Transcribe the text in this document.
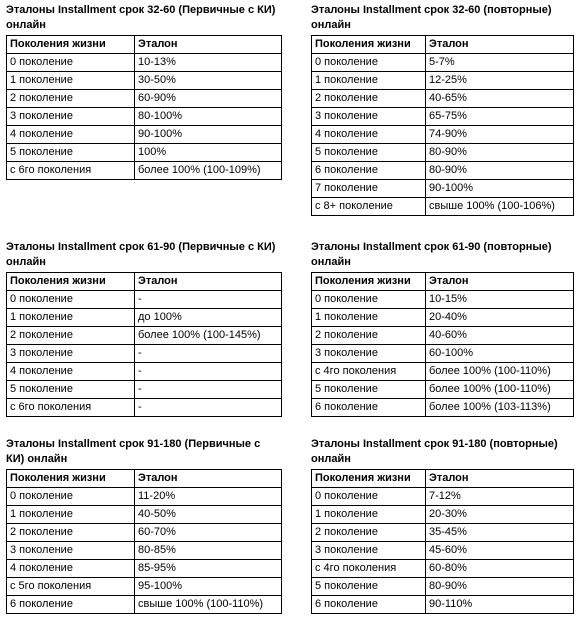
Эталоны Installment срок 32-60 (Первичные с КИ) онлайн
Поколения жизни	Эталон
0 поколение	10-13%
1 поколение	30-50%
2 поколение	60-90%
3 поколение	80-100%
4 поколение	90-100%
5 поколение	100%
с 6го поколения	более 100% (100-109%)
Эталоны Installment срок 32-60 (повторные) онлайн
Поколения жизни	Эталон
0 поколение	5-7%
1 поколение	12-25%
2 поколение	40-65%
3 поколение	65-75%
4 поколение	74-90%
5 поколение	80-90%
6 поколение	80-90%
7 поколение	90-100%
с 8+ поколение	свыше 100% (100-106%)
Эталоны Installment срок 61-90 (Первичные с КИ) онлайн
Поколения жизни	Эталон
0 поколение	-
1 поколение	до 100%
2 поколение	более 100% (100-145%)
3 поколение	-
4 поколение	-
5 поколение	-
с 6го поколения	-
Эталоны Installment срок 61-90 (повторные) онлайн
Поколения жизни	Эталон
0 поколение	10-15%
1 поколение	20-40%
2 поколение	40-60%
3 поколение	60-100%
с 4го поколения	более 100% (100-110%)
5 поколение	более 100% (100-110%)
6 поколение	более 100% (103-113%)
Эталоны Installment срок 91-180 (Первичные с КИ) онлайн
Поколения жизни	Эталон
0 поколение	11-20%
1 поколение	40-50%
2 поколение	60-70%
3 поколение	80-85%
4 поколение	85-95%
с 5го поколения	95-100%
6 поколение	свыше 100% (100-110%)
Эталоны Installment срок 91-180 (повторные) онлайн
Поколения жизни	Эталон
0 поколение	7-12%
1 поколение	20-30%
2 поколение	35-45%
3 поколение	45-60%
с 4го поколения	60-80%
5 поколение	80-90%
6 поколение	90-110%
